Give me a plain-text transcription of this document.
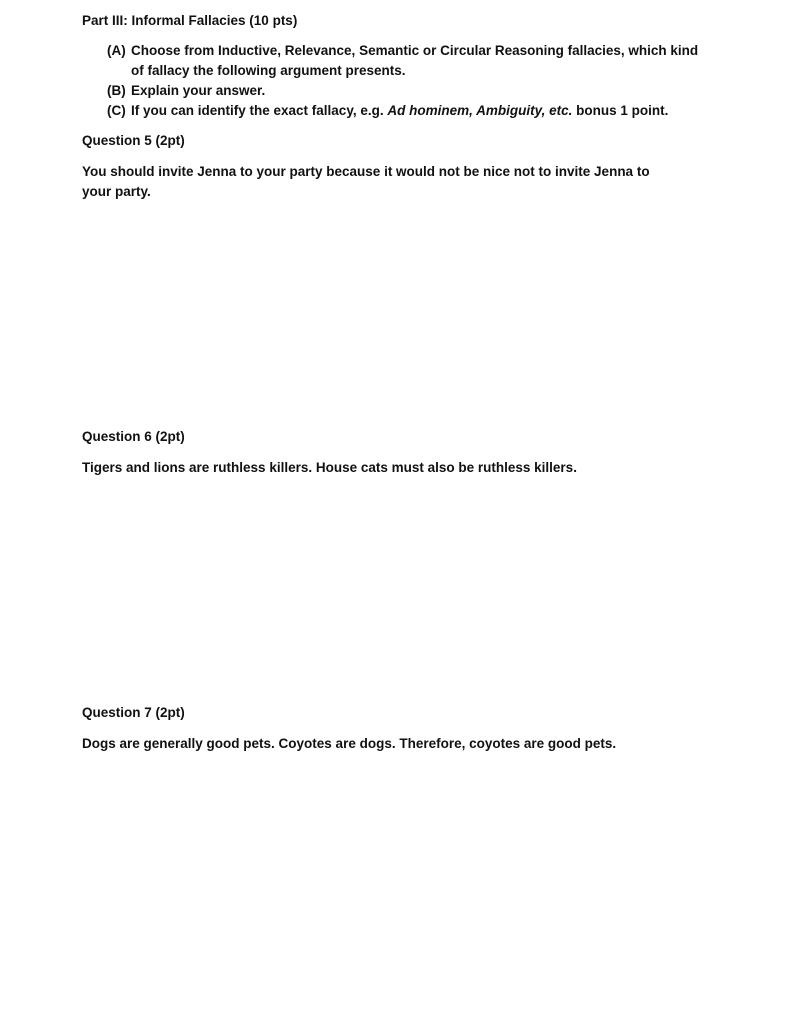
Part III: Informal Fallacies (10 pts)
(A) Choose from Inductive, Relevance, Semantic or Circular Reasoning fallacies, which kind of fallacy the following argument presents.
(B) Explain your answer.
(C) If you can identify the exact fallacy, e.g. Ad hominem, Ambiguity, etc. bonus 1 point.
Question 5 (2pt)
You should invite Jenna to your party because it would not be nice not to invite Jenna to your party.
Question 6 (2pt)
Tigers and lions are ruthless killers. House cats must also be ruthless killers.
Question 7 (2pt)
Dogs are generally good pets. Coyotes are dogs. Therefore, coyotes are good pets.
